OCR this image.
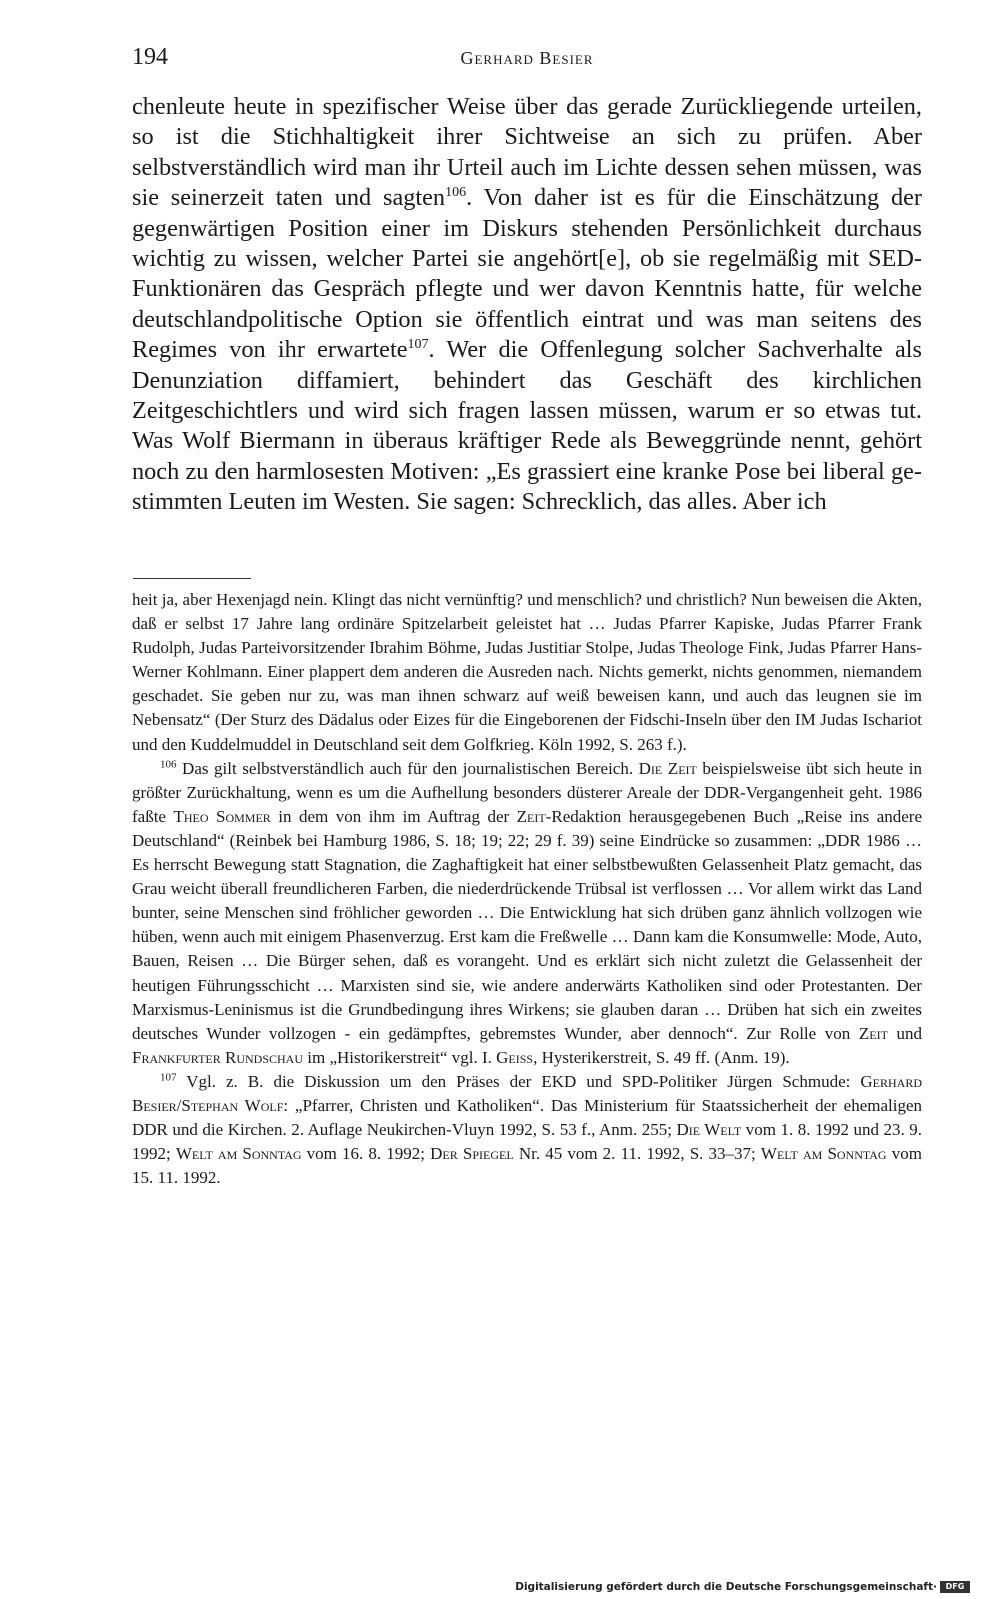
194	Gerhard Besier

chenleute heute in spezifischer Weise über das gerade Zurückliegende urteilen, so ist die Stichhaltigkeit ihrer Sichtweise an sich zu prüfen. Aber selbstverständlich wird man ihr Urteil auch im Lichte dessen sehen müssen, was sie seinerzeit taten und sagten$^{106}$. Von daher ist es für die Einschätzung der gegenwärtigen Position einer im Diskurs stehenden Persönlichkeit durchaus wichtig zu wissen, welcher Partei sie angehört[e], ob sie regelmäßig mit SED-Funktionären das Gespräch pflegte und wer davon Kenntnis hatte, für welche deutschlandpolitische Option sie öffentlich eintrat und was man seitens des Regimes von ihr erwartete$^{107}$. Wer die Offenlegung solcher Sachverhalte als Denunziation diffamiert, behindert das Geschäft des kirchlichen Zeitgeschichtlers und wird sich fragen lassen müssen, warum er so etwas tut. Was Wolf Biermann in überaus kräftiger Rede als Beweggründe nennt, gehört noch zu den harmlosesten Motiven: „Es grassiert eine kranke Pose bei liberal gestimmten Leuten im Westen. Sie sagen: Schrecklich, das alles. Aber ich

heit ja, aber Hexenjagd nein. Klingt das nicht vernünftig? und menschlich? und christlich? Nun beweisen die Akten, daß er selbst 17 Jahre lang ordinäre Spitzelarbeit geleistet hat … Judas Pfarrer Kapiske, Judas Pfarrer Frank Rudolph, Judas Parteivorsitzender Ibrahim Böhme, Judas Justitiar Stolpe, Judas Theologe Fink, Judas Pfarrer Hans-Werner Kohlmann. Einer plappert dem anderen die Ausreden nach. Nichts gemerkt, nichts genommen, niemandem geschadet. Sie geben nur zu, was man ihnen schwarz auf weiß beweisen kann, und auch das leugnen sie im Nebensatz“ (Der Sturz des Dädalus oder Eizes für die Eingeborenen der Fidschi-Inseln über den IM Judas Ischariot und den Kuddelmuddel in Deutschland seit dem Golfkrieg. Köln 1992, S. 263 f.).

$^{106}$ Das gilt selbstverständlich auch für den journalistischen Bereich. Die Zeit beispielsweise übt sich heute in größter Zurückhaltung, wenn es um die Aufhellung besonders düsterer Areale der DDR-Vergangenheit geht. 1986 faßte Theo Sommer in dem von ihm im Auftrag der Zeit-Redaktion herausgegebenen Buch „Reise ins andere Deutschland“ (Reinbek bei Hamburg 1986, S. 18; 19; 22; 29 f. 39) seine Eindrücke so zusammen: „DDR 1986 … Es herrscht Bewegung statt Stagnation, die Zaghaftigkeit hat einer selbstbewußten Gelassenheit Platz gemacht, das Grau weicht überall freundlicheren Farben, die niederdrückende Trübsal ist verflossen … Vor allem wirkt das Land bunter, seine Menschen sind fröhlicher geworden … Die Entwicklung hat sich drüben ganz ähnlich vollzogen wie hüben, wenn auch mit einigem Phasenverzug. Erst kam die Freßwelle … Dann kam die Konsumwelle: Mode, Auto, Bauen, Reisen … Die Bürger sehen, daß es vorangeht. Und es erklärt sich nicht zuletzt die Gelassenheit der heutigen Führungsschicht … Marxisten sind sie, wie andere anderwärts Katholiken sind oder Protestanten. Der Marxismus-Leninismus ist die Grundbedingung ihres Wirkens; sie glauben daran … Drüben hat sich ein zweites deutsches Wunder vollzogen - ein gedämpftes, gebremstes Wunder, aber dennoch“. Zur Rolle von Zeit und Frankfurter Rundschau im „Historikerstreit“ vgl. I. Geiss, Hysterikerstreit, S. 49 ff. (Anm. 19).

$^{107}$ Vgl. z. B. die Diskussion um den Präses der EKD und SPD-Politiker Jürgen Schmude: Gerhard Besier/Stephan Wolf: „Pfarrer, Christen und Katholiken“. Das Ministerium für Staatssicherheit der ehemaligen DDR und die Kirchen. 2. Auflage Neukirchen-Vluyn 1992, S. 53 f., Anm. 255; Die Welt vom 1. 8. 1992 und 23. 9. 1992; Welt am Sonntag vom 16. 8. 1992; Der Spiegel Nr. 45 vom 2. 11. 1992, S. 33–37; Welt am Sonntag vom 15. 11. 1992.

Digitalisierung gefördert durch die Deutsche Forschungsgemeinschaft·	DFG
